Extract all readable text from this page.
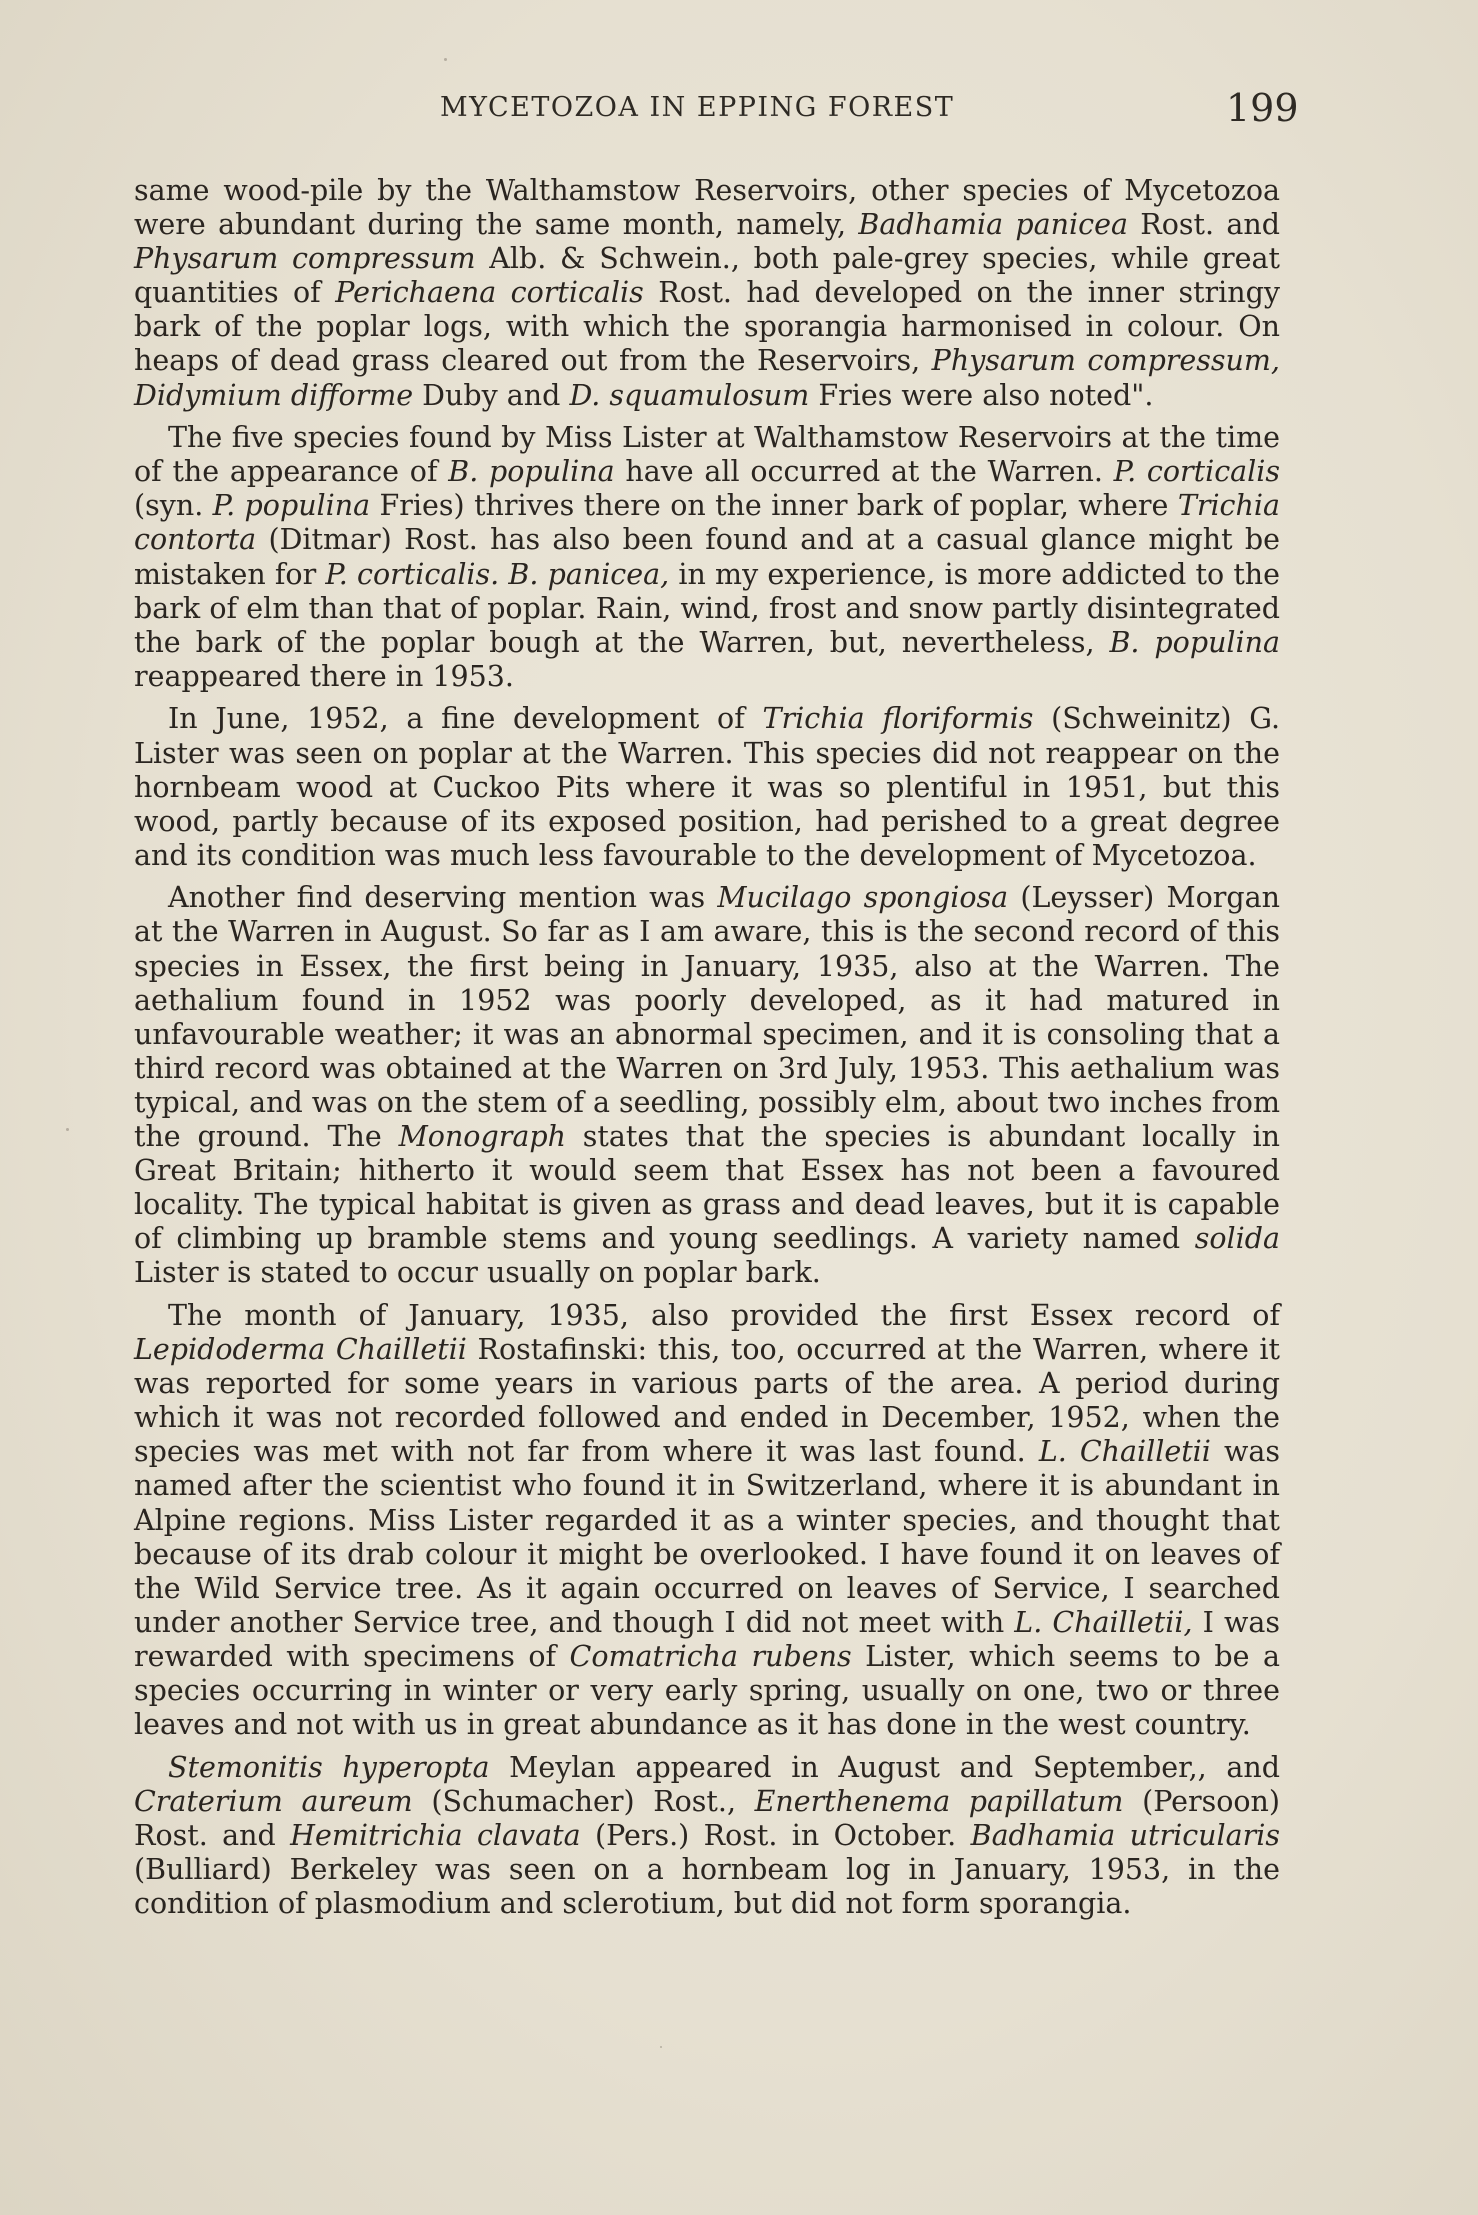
MYCETOZOA IN EPPING FOREST	199

same wood-pile by the Walthamstow Reservoirs, other species of Mycetozoa were abundant during the same month, namely, Badhamia panicea Rost. and Physarum compressum Alb. & Schwein., both pale-grey species, while great quantities of Perichaena corticalis Rost. had developed on the inner stringy bark of the poplar logs, with which the sporangia harmonised in colour. On heaps of dead grass cleared out from the Reservoirs, Physarum compressum, Didymium difforme Duby and D. squamulosum Fries were also noted".

The five species found by Miss Lister at Walthamstow Reservoirs at the time of the appearance of B. populina have all occurred at the Warren. P. corticalis (syn. P. populina Fries) thrives there on the inner bark of poplar, where Trichia contorta (Ditmar) Rost. has also been found and at a casual glance might be mistaken for P. corticalis. B. panicea, in my experience, is more addicted to the bark of elm than that of poplar. Rain, wind, frost and snow partly disintegrated the bark of the poplar bough at the Warren, but, nevertheless, B. populina reappeared there in 1953.

In June, 1952, a fine development of Trichia floriformis (Schweinitz) G. Lister was seen on poplar at the Warren. This species did not reappear on the hornbeam wood at Cuckoo Pits where it was so plentiful in 1951, but this wood, partly because of its exposed position, had perished to a great degree and its condition was much less favourable to the development of Mycetozoa.

Another find deserving mention was Mucilago spongiosa (Leysser) Morgan at the Warren in August. So far as I am aware, this is the second record of this species in Essex, the first being in January, 1935, also at the Warren. The aethalium found in 1952 was poorly developed, as it had matured in unfavourable weather; it was an abnormal specimen, and it is consoling that a third record was obtained at the Warren on 3rd July, 1953. This aethalium was typical, and was on the stem of a seedling, possibly elm, about two inches from the ground. The Monograph states that the species is abundant locally in Great Britain; hitherto it would seem that Essex has not been a favoured locality. The typical habitat is given as grass and dead leaves, but it is capable of climbing up bramble stems and young seedlings. A variety named solida Lister is stated to occur usually on poplar bark.

The month of January, 1935, also provided the first Essex record of Lepidoderma Chailletii Rostafinski: this, too, occurred at the Warren, where it was reported for some years in various parts of the area. A period during which it was not recorded followed and ended in December, 1952, when the species was met with not far from where it was last found. L. Chailletii was named after the scientist who found it in Switzerland, where it is abundant in Alpine regions. Miss Lister regarded it as a winter species, and thought that because of its drab colour it might be overlooked. I have found it on leaves of the Wild Service tree. As it again occurred on leaves of Service, I searched under another Service tree, and though I did not meet with L. Chailletii, I was rewarded with specimens of Comatricha rubens Lister, which seems to be a species occurring in winter or very early spring, usually on one, two or three leaves and not with us in great abundance as it has done in the west country.

Stemonitis hyperopta Meylan appeared in August and September,, and Craterium aureum (Schumacher) Rost., Enerthenema papillatum (Persoon) Rost. and Hemitrichia clavata (Pers.) Rost. in October. Badhamia utricularis (Bulliard) Berkeley was seen on a hornbeam log in January, 1953, in the condition of plasmodium and sclerotium, but did not form sporangia.
